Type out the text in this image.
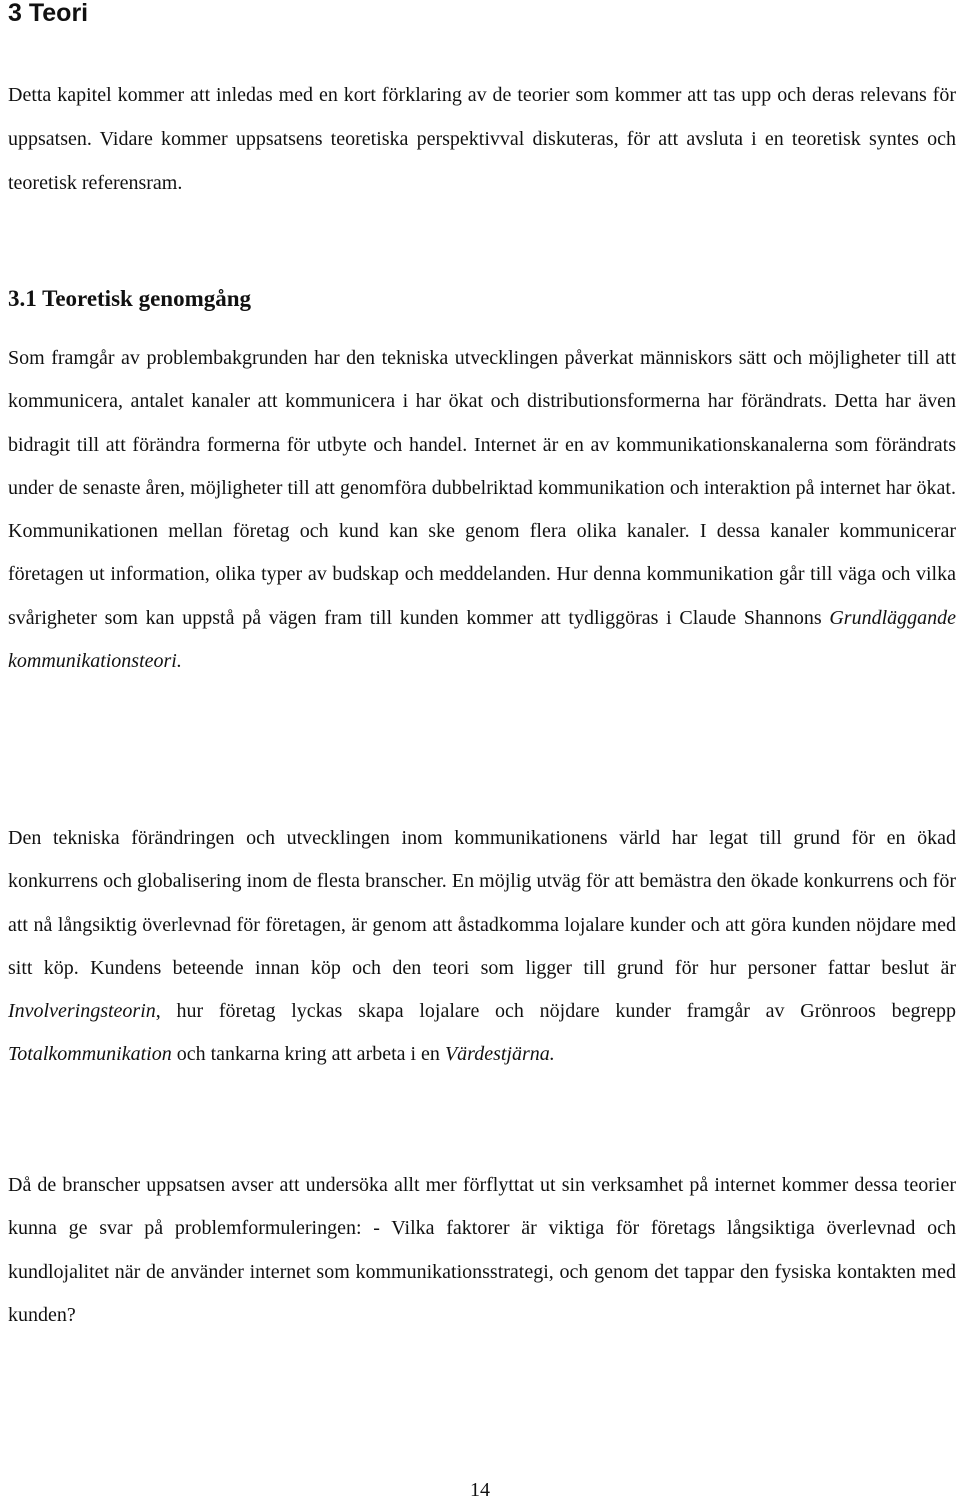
3 Teori

Detta kapitel kommer att inledas med en kort förklaring av de teorier som kommer att tas upp och deras relevans för uppsatsen. Vidare kommer uppsatsens teoretiska perspektivval diskuteras, för att avsluta i en teoretisk syntes och teoretisk referensram.

3.1 Teoretisk genomgång

Som framgår av problembakgrunden har den tekniska utvecklingen påverkat människors sätt och möjligheter till att kommunicera, antalet kanaler att kommunicera i har ökat och distributionsformerna har förändrats. Detta har även bidragit till att förändra formerna för utbyte och handel. Internet är en av kommunikationskanalerna som förändrats under de senaste åren, möjligheter till att genomföra dubbelriktad kommunikation och interaktion på internet har ökat. Kommunikationen mellan företag och kund kan ske genom flera olika kanaler. I dessa kanaler kommunicerar företagen ut information, olika typer av budskap och meddelanden. Hur denna kommunikation går till väga och vilka svårigheter som kan uppstå på vägen fram till kunden kommer att tydliggöras i Claude Shannons Grundläggande kommunikationsteori.

Den tekniska förändringen och utvecklingen inom kommunikationens värld har legat till grund för en ökad konkurrens och globalisering inom de flesta branscher. En möjlig utväg för att bemästra den ökade konkurrens och för att nå långsiktig överlevnad för företagen, är genom att åstadkomma lojalare kunder och att göra kunden nöjdare med sitt köp. Kundens beteende innan köp och den teori som ligger till grund för hur personer fattar beslut är Involveringsteorin, hur företag lyckas skapa lojalare och nöjdare kunder framgår av Grönroos begrepp Totalkommunikation och tankarna kring att arbeta i en Värdestjärna.

Då de branscher uppsatsen avser att undersöka allt mer förflyttat ut sin verksamhet på internet kommer dessa teorier kunna ge svar på problemformuleringen: - Vilka faktorer är viktiga för företags långsiktiga överlevnad och kundlojalitet när de använder internet som kommunikationsstrategi, och genom det tappar den fysiska kontakten med kunden?

14
